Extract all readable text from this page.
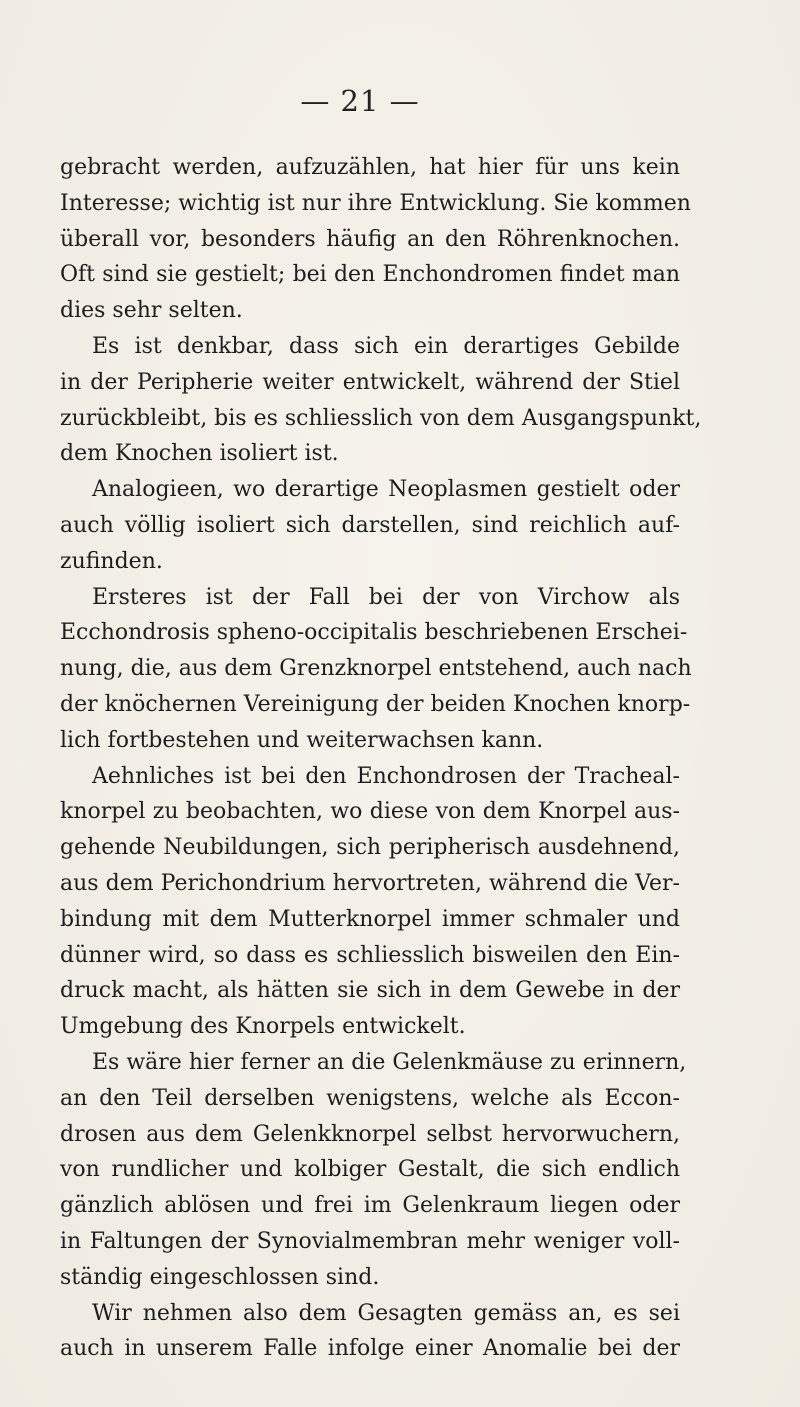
— 21 —
gebracht werden, aufzuzählen, hat hier für uns kein
Interesse; wichtig ist nur ihre Entwicklung. Sie kommen
überall vor, besonders häufig an den Röhrenknochen.
Oft sind sie gestielt; bei den Enchondromen findet man
dies sehr selten.
Es ist denkbar, dass sich ein derartiges Gebilde
in der Peripherie weiter entwickelt, während der Stiel
zurückbleibt, bis es schliesslich von dem Ausgangspunkt,
dem Knochen isoliert ist.
Analogieen, wo derartige Neoplasmen gestielt oder
auch völlig isoliert sich darstellen, sind reichlich auf-
zufinden.
Ersteres ist der Fall bei der von Virchow als
Ecchondrosis spheno-occipitalis beschriebenen Erschei-
nung, die, aus dem Grenzknorpel entstehend, auch nach
der knöchernen Vereinigung der beiden Knochen knorp-
lich fortbestehen und weiterwachsen kann.
Aehnliches ist bei den Enchondrosen der Tracheal-
knorpel zu beobachten, wo diese von dem Knorpel aus-
gehende Neubildungen, sich peripherisch ausdehnend,
aus dem Perichondrium hervortreten, während die Ver-
bindung mit dem Mutterknorpel immer schmaler und
dünner wird, so dass es schliesslich bisweilen den Ein-
druck macht, als hätten sie sich in dem Gewebe in der
Umgebung des Knorpels entwickelt.
Es wäre hier ferner an die Gelenkmäuse zu erinnern,
an den Teil derselben wenigstens, welche als Eccon-
drosen aus dem Gelenkknorpel selbst hervorwuchern,
von rundlicher und kolbiger Gestalt, die sich endlich
gänzlich ablösen und frei im Gelenkraum liegen oder
in Faltungen der Synovialmembran mehr weniger voll-
ständig eingeschlossen sind.
Wir nehmen also dem Gesagten gemäss an, es sei
auch in unserem Falle infolge einer Anomalie bei der
